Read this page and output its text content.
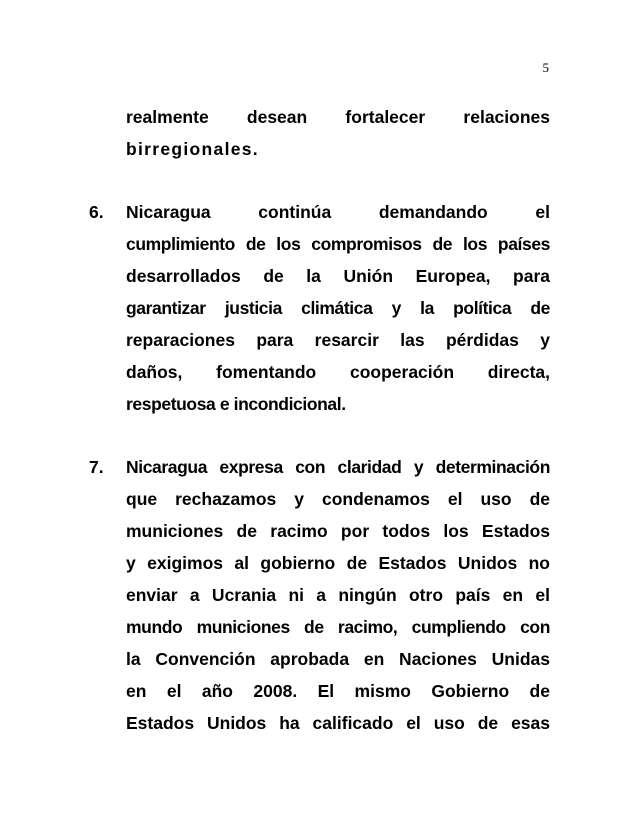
5
realmente desean fortalecer relaciones
birregionales.
6. Nicaragua continúa demandando el
cumplimiento de los compromisos de los países
desarrollados de la Unión Europea, para
garantizar justicia climática y la política de
reparaciones para resarcir las pérdidas y
daños, fomentando cooperación directa,
respetuosa e incondicional.
7. Nicaragua expresa con claridad y determinación
que rechazamos y condenamos el uso de
municiones de racimo por todos los Estados
y exigimos al gobierno de Estados Unidos no
enviar a Ucrania ni a ningún otro país en el
mundo municiones de racimo, cumpliendo con
la Convención aprobada en Naciones Unidas
en el año 2008. El mismo Gobierno de
Estados Unidos ha calificado el uso de esas
